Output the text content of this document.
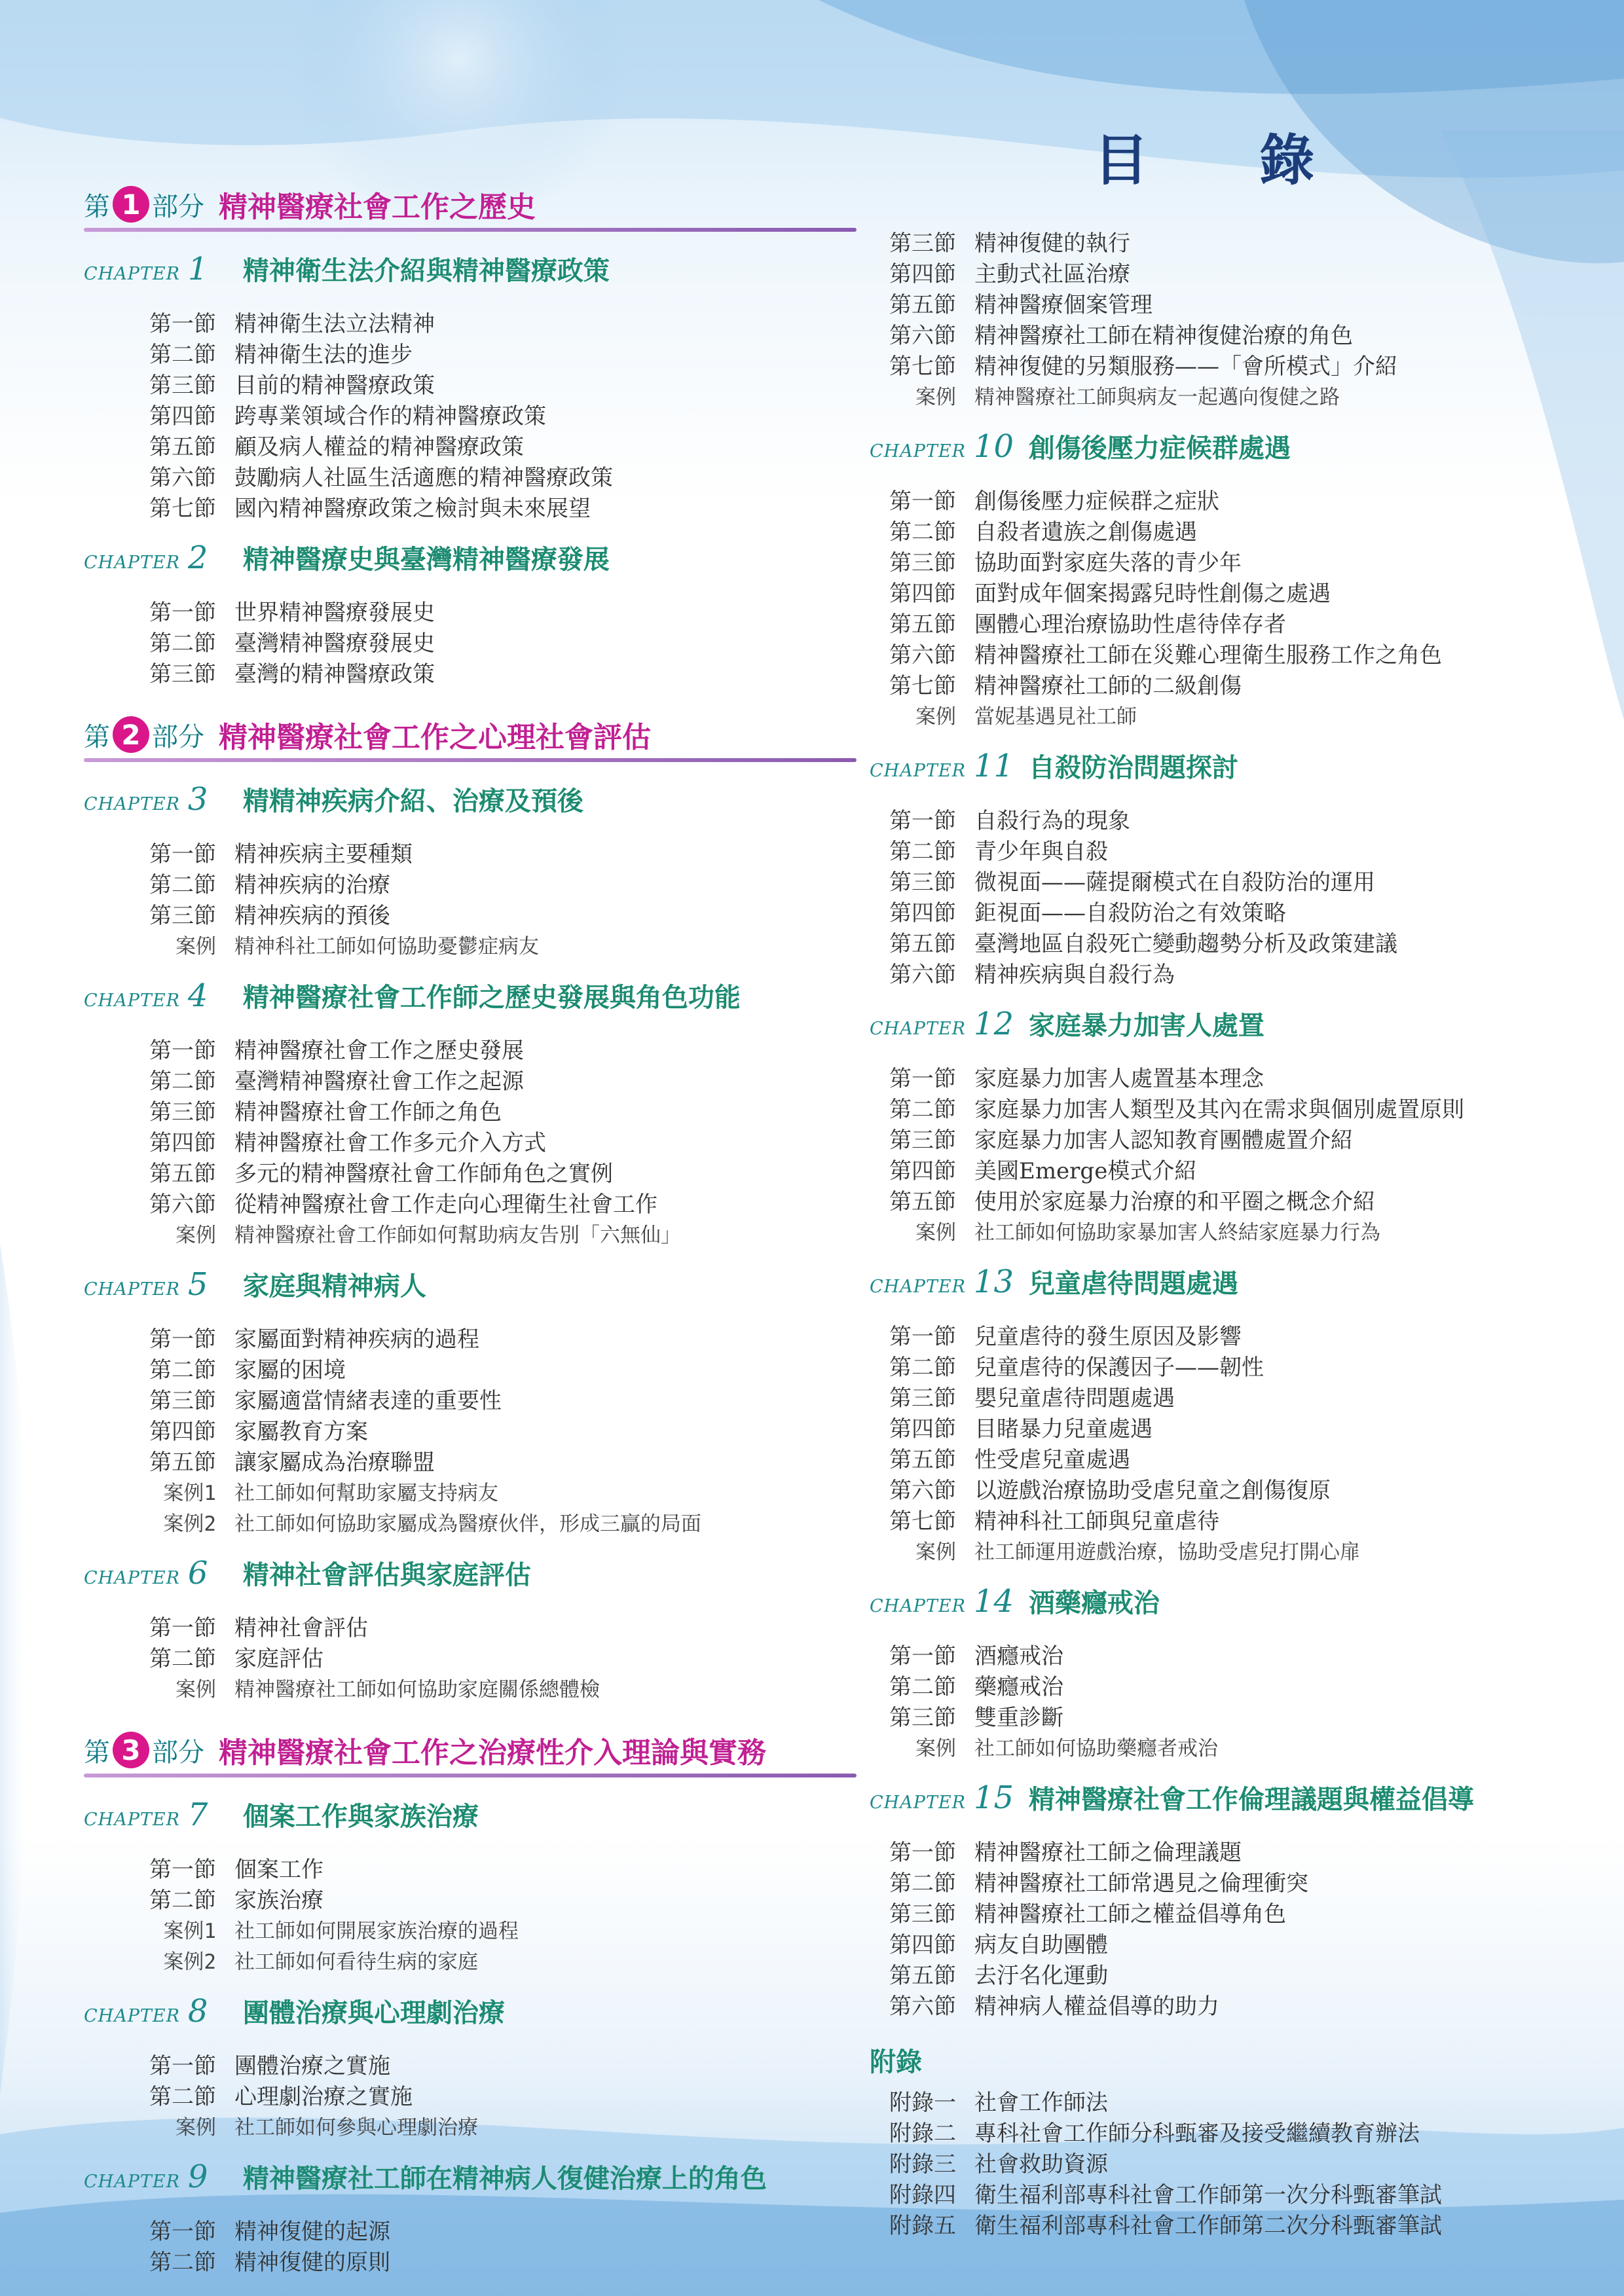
目 錄
第 1 部分 精神醫療社會工作之歷史
CHAPTER 1	精神衛生法介紹與精神醫療政策
第一節 精神衛生法立法精神
第二節 精神衛生法的進步
第三節 目前的精神醫療政策
第四節 跨專業領域合作的精神醫療政策
第五節 顧及病人權益的精神醫療政策
第六節 鼓勵病人社區生活適應的精神醫療政策
第七節 國內精神醫療政策之檢討與未來展望
CHAPTER 2	精神醫療史與臺灣精神醫療發展
第一節 世界精神醫療發展史
第二節 臺灣精神醫療發展史
第三節 臺灣的精神醫療政策
第 2 部分 精神醫療社會工作之心理社會評估
CHAPTER 3	精精神疾病介紹、治療及預後
第一節 精神疾病主要種類
第二節 精神疾病的治療
第三節 精神疾病的預後
案例 精神科社工師如何協助憂鬱症病友
CHAPTER 4	精神醫療社會工作師之歷史發展與角色功能
第一節 精神醫療社會工作之歷史發展
第二節 臺灣精神醫療社會工作之起源
第三節 精神醫療社會工作師之角色
第四節 精神醫療社會工作多元介入方式
第五節 多元的精神醫療社會工作師角色之實例
第六節 從精神醫療社會工作走向心理衛生社會工作
案例 精神醫療社會工作師如何幫助病友告別「六無仙」
CHAPTER 5	家庭與精神病人
第一節 家屬面對精神疾病的過程
第二節 家屬的困境
第三節 家屬適當情緒表達的重要性
第四節 家屬教育方案
第五節 讓家屬成為治療聯盟
案例1 社工師如何幫助家屬支持病友
案例2 社工師如何協助家屬成為醫療伙伴，形成三贏的局面
CHAPTER 6	精神社會評估與家庭評估
第一節 精神社會評估
第二節 家庭評估
案例 精神醫療社工師如何協助家庭關係總體檢
第 3 部分 精神醫療社會工作之治療性介入理論與實務
CHAPTER 7	個案工作與家族治療
第一節 個案工作
第二節 家族治療
案例1 社工師如何開展家族治療的過程
案例2 社工師如何看待生病的家庭
CHAPTER 8	團體治療與心理劇治療
第一節 團體治療之實施
第二節 心理劇治療之實施
案例 社工師如何參與心理劇治療
CHAPTER 9	精神醫療社工師在精神病人復健治療上的角色
第一節 精神復健的起源
第二節 精神復健的原則
第三節 精神復健的執行
第四節 主動式社區治療
第五節 精神醫療個案管理
第六節 精神醫療社工師在精神復健治療的角色
第七節 精神復健的另類服務——「會所模式」介紹
案例 精神醫療社工師與病友一起邁向復健之路
CHAPTER 10 創傷後壓力症候群處遇
第一節 創傷後壓力症候群之症狀
第二節 自殺者遺族之創傷處遇
第三節 協助面對家庭失落的青少年
第四節 面對成年個案揭露兒時性創傷之處遇
第五節 團體心理治療協助性虐待倖存者
第六節 精神醫療社工師在災難心理衛生服務工作之角色
第七節 精神醫療社工師的二級創傷
案例 當妮基遇見社工師
CHAPTER 11 自殺防治問題探討
第一節 自殺行為的現象
第二節 青少年與自殺
第三節 微視面——薩提爾模式在自殺防治的運用
第四節 鉅視面——自殺防治之有效策略
第五節 臺灣地區自殺死亡變動趨勢分析及政策建議
第六節 精神疾病與自殺行為
CHAPTER 12 家庭暴力加害人處置
第一節 家庭暴力加害人處置基本理念
第二節 家庭暴力加害人類型及其內在需求與個別處置原則
第三節 家庭暴力加害人認知教育團體處置介紹
第四節 美國Emerge模式介紹
第五節 使用於家庭暴力治療的和平圈之概念介紹
案例 社工師如何協助家暴加害人終結家庭暴力行為
CHAPTER 13 兒童虐待問題處遇
第一節 兒童虐待的發生原因及影響
第二節 兒童虐待的保護因子——韌性
第三節 嬰兒童虐待問題處遇
第四節 目睹暴力兒童處遇
第五節 性受虐兒童處遇
第六節 以遊戲治療協助受虐兒童之創傷復原
第七節 精神科社工師與兒童虐待
案例 社工師運用遊戲治療，協助受虐兒打開心扉
CHAPTER 14 酒藥癮戒治
第一節 酒癮戒治
第二節 藥癮戒治
第三節 雙重診斷
案例 社工師如何協助藥癮者戒治
CHAPTER 15 精神醫療社會工作倫理議題與權益倡導
第一節 精神醫療社工師之倫理議題
第二節 精神醫療社工師常遇見之倫理衝突
第三節 精神醫療社工師之權益倡導角色
第四節 病友自助團體
第五節 去汙名化運動
第六節 精神病人權益倡導的助力
附錄
附錄一 社會工作師法
附錄二 專科社會工作師分科甄審及接受繼續教育辦法
附錄三 社會救助資源
附錄四 衛生福利部專科社會工作師第一次分科甄審筆試
附錄五 衛生福利部專科社會工作師第二次分科甄審筆試
